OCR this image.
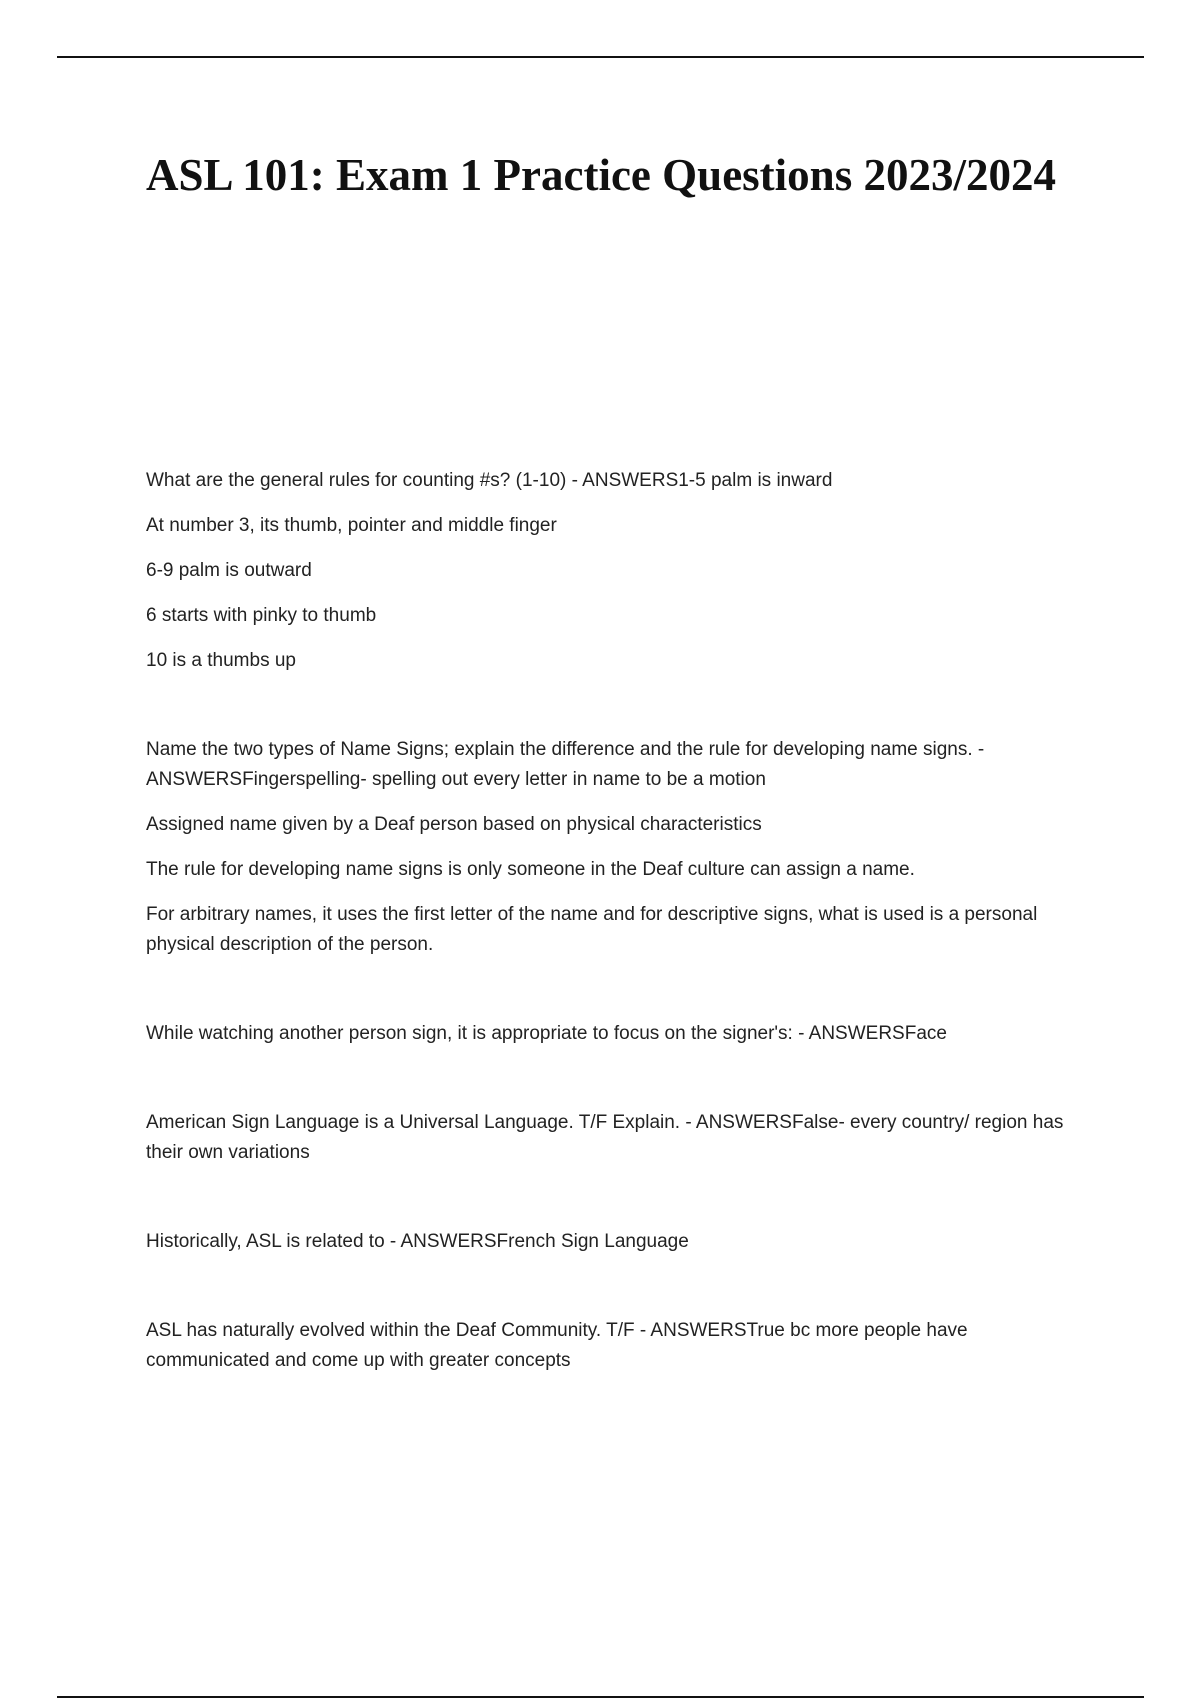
ASL 101: Exam 1 Practice Questions 2023/2024

What are the general rules for counting #s? (1-10) - ANSWERS1-5 palm is inward

At number 3, its thumb, pointer and middle finger

6-9 palm is outward

6 starts with pinky to thumb

10 is a thumbs up

Name the two types of Name Signs; explain the difference and the rule for developing name signs. - ANSWERSFingerspelling- spelling out every letter in name to be a motion

Assigned name given by a Deaf person based on physical characteristics

The rule for developing name signs is only someone in the Deaf culture can assign a name.

For arbitrary names, it uses the first letter of the name and for descriptive signs, what is used is a personal physical description of the person.

While watching another person sign, it is appropriate to focus on the signer's: - ANSWERSFace

American Sign Language is a Universal Language. T/F Explain. - ANSWERSFalse- every country/ region has their own variations

Historically, ASL is related to - ANSWERSFrench Sign Language

ASL has naturally evolved within the Deaf Community. T/F - ANSWERSTrue bc more people have communicated and come up with greater concepts
